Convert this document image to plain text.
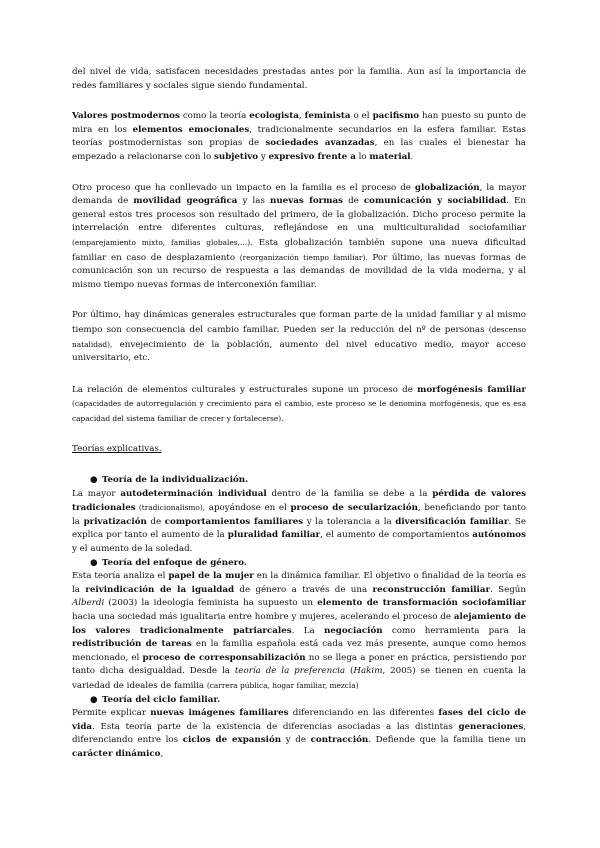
del nivel de vida, satisfacen necesidades prestadas antes por la familia. Aun así la importancia de redes familiares y sociales sigue siendo fundamental.

Valores postmodernos como la teoría ecologista, feminista o el pacifismo han puesto su punto de mira en los elementos emocionales, tradicionalmente secundarios en la esfera familiar. Estas teorías postmodernistas son propias de sociedades avanzadas, en las cuales el bienestar ha empezado a relacionarse con lo subjetivo y expresivo frente a lo material.

Otro proceso que ha conllevado un impacto en la familia es el proceso de globalización, la mayor demanda de movilidad geográfica y las nuevas formas de comunicación y sociabilidad. En general estos tres procesos son resultado del primero, de la globalización. Dicho proceso permite la interrelación entre diferentes culturas, reflejándose en una multiculturalidad sociofamiliar (emparejamiento mixto, familias globales,…). Esta globalización también supone una nueva dificultad familiar en caso de desplazamiento (reorganización tiempo familiar). Por último, las nuevas formas de comunicación son un recurso de respuesta a las demandas de movilidad de la vida moderna, y al mismo tiempo nuevas formas de interconexión familiar.

Por último, hay dinámicas generales estructurales que forman parte de la unidad familiar y al mismo tiempo son consecuencia del cambio familiar. Pueden ser la reducción del nº de personas (descenso natalidad), envejecimiento de la población, aumento del nivel educativo medio, mayor acceso universitario, etc.

La relación de elementos culturales y estructurales supone un proceso de morfogénesis familiar (capacidades de autorregulación y crecimiento para el cambio, este proceso se le denomina morfogénesis, que es esa capacidad del sistema familiar de crecer y fortalecerse).

Teorías explicativas.

● Teoría de la individualización.

La mayor autodeterminación individual dentro de la familia se debe a la pérdida de valores tradicionales (tradicionalismo), apoyándose en el proceso de secularización, beneficiando por tanto la privatización de comportamientos familiares y la tolerancia a la diversificación familiar. Se explica por tanto el aumento de la pluralidad familiar, el aumento de comportamientos autónomos y el aumento de la soledad.

● Teoría del enfoque de género.

Esta teoría analiza el papel de la mujer en la dinámica familiar. El objetivo o finalidad de la teoría es la reivindicación de la igualdad de género a través de una reconstrucción familiar. Según Alberdi (2003) la ideología feminista ha supuesto un elemento de transformación sociofamiliar hacia una sociedad más igualitaria entre hombre y mujeres, acelerando el proceso de alejamiento de los valores tradicionalmente patriarcales. La negociación como herramienta para la redistribución de tareas en la familia española está cada vez más presente, aunque como hemos mencionado, el proceso de corresponsabilización no se llega a poner en práctica, persistiendo por tanto dicha desigualdad. Desde la teoría de la preferencia (Hakim, 2005) se tienen en cuenta la variedad de ideales de familia (carrera pública, hogar familiar, mezcla)

● Teoría del ciclo familiar.

Permite explicar nuevas imágenes familiares diferenciando en las diferentes fases del ciclo de vida. Esta teoría parte de la existencia de diferencias asociadas a las distintas generaciones, diferenciando entre los ciclos de expansión y de contracción. Defiende que la familia tiene un carácter dinámico,
